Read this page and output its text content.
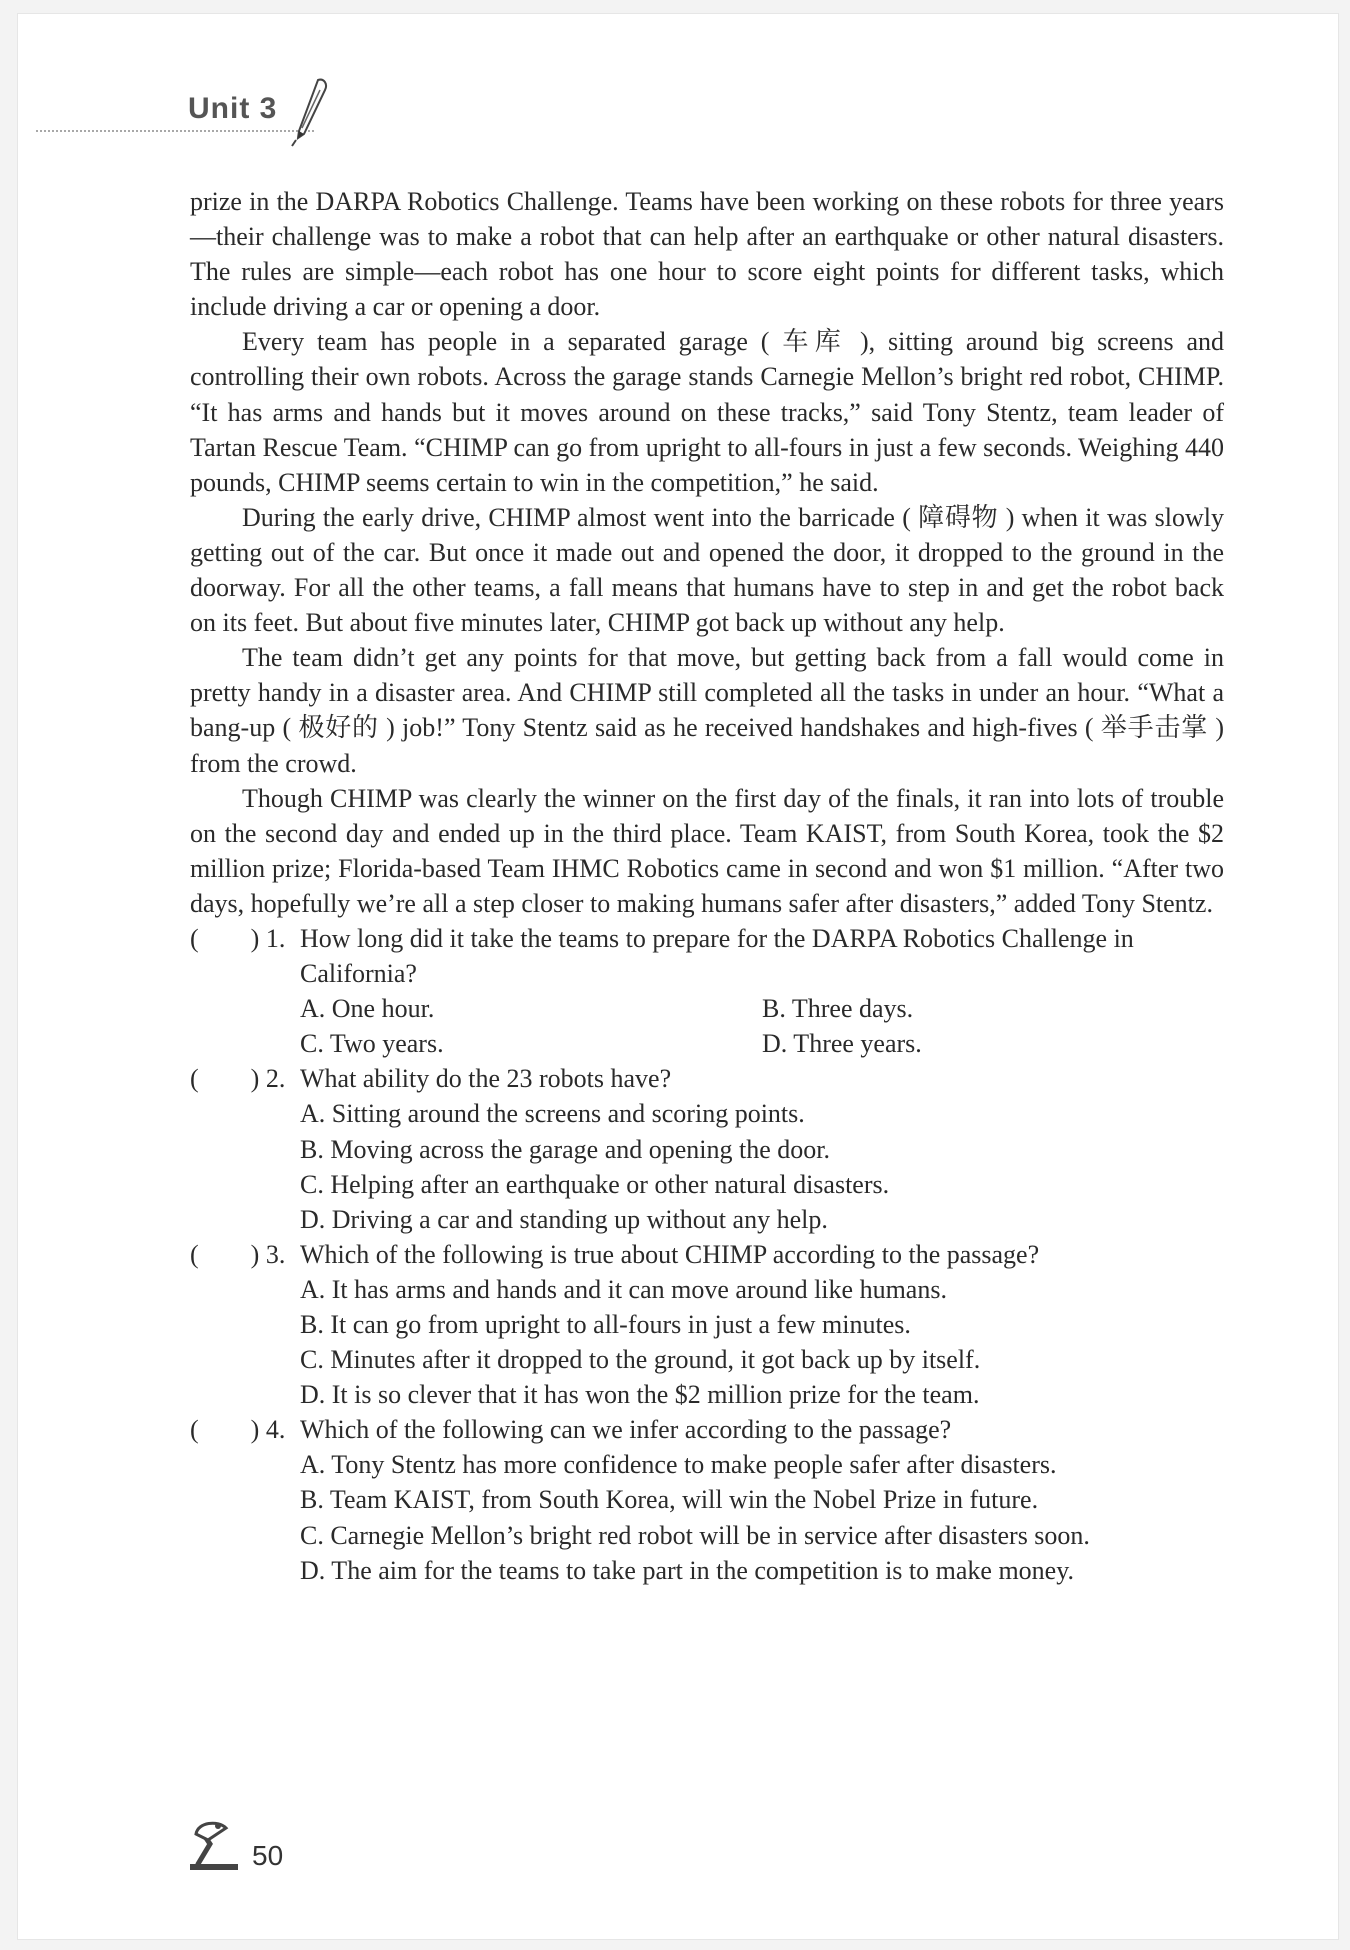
Unit 3

prize in the DARPA Robotics Challenge. Teams have been working on these robots for three years—their challenge was to make a robot that can help after an earthquake or other natural disasters. The rules are simple—each robot has one hour to score eight points for different tasks, which include driving a car or opening a door.

Every team has people in a separated garage ( 车库 ), sitting around big screens and controlling their own robots. Across the garage stands Carnegie Mellon’s bright red robot, CHIMP. “It has arms and hands but it moves around on these tracks,” said Tony Stentz, team leader of Tartan Rescue Team. “CHIMP can go from upright to all-fours in just a few seconds. Weighing 440 pounds, CHIMP seems certain to win in the competition,” he said.

During the early drive, CHIMP almost went into the barricade ( 障碍物 ) when it was slowly getting out of the car. But once it made out and opened the door, it dropped to the ground in the doorway. For all the other teams, a fall means that humans have to step in and get the robot back on its feet. But about five minutes later, CHIMP got back up without any help.

The team didn’t get any points for that move, but getting back from a fall would come in pretty handy in a disaster area. And CHIMP still completed all the tasks in under an hour. “What a bang-up ( 极好的 ) job!” Tony Stentz said as he received handshakes and high-fives ( 举手击掌 ) from the crowd.

Though CHIMP was clearly the winner on the first day of the finals, it ran into lots of trouble on the second day and ended up in the third place. Team KAIST, from South Korea, took the $2 million prize; Florida-based Team IHMC Robotics came in second and won $1 million. “After two days, hopefully we’re all a step closer to making humans safer after disasters,” added Tony Stentz.

(        ) 1. How long did it take the teams to prepare for the DARPA Robotics Challenge in California?
A. One hour.	B. Three days.
C. Two years.	D. Three years.
(        ) 2. What ability do the 23 robots have?
A. Sitting around the screens and scoring points.
B. Moving across the garage and opening the door.
C. Helping after an earthquake or other natural disasters.
D. Driving a car and standing up without any help.
(        ) 3. Which of the following is true about CHIMP according to the passage?
A. It has arms and hands and it can move around like humans.
B. It can go from upright to all-fours in just a few minutes.
C. Minutes after it dropped to the ground, it got back up by itself.
D. It is so clever that it has won the $2 million prize for the team.
(        ) 4. Which of the following can we infer according to the passage?
A. Tony Stentz has more confidence to make people safer after disasters.
B. Team KAIST, from South Korea, will win the Nobel Prize in future.
C. Carnegie Mellon’s bright red robot will be in service after disasters soon.
D. The aim for the teams to take part in the competition is to make money.
50
